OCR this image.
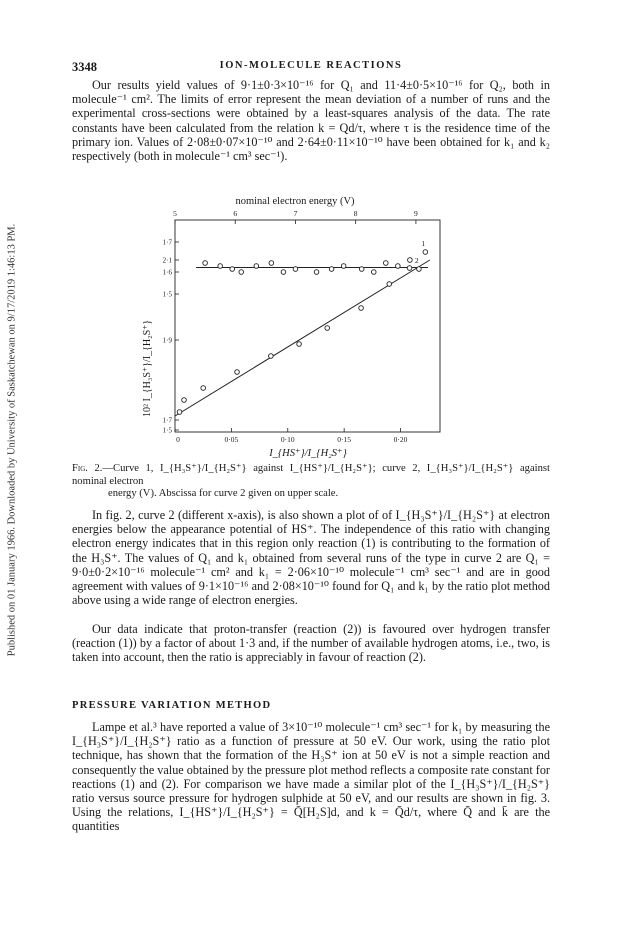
Published on 01 January 1966. Downloaded by University of Saskatchewan on 9/17/2019 1:46:13 PM.
3348	ION-MOLECULE REACTIONS

Our results yield values of 9·1±0·3×10⁻¹⁶ for Q₁ and 11·4±0·5×10⁻¹⁶ for Q₂, both in molecule⁻¹ cm². The limits of error represent the mean deviation of a number of runs and the experimental cross-sections were obtained by a least-squares analysis of the data. The rate constants have been calculated from the relation k = Qd/τ, where τ is the residence time of the primary ion. Values of 2·08±0·07×10⁻¹⁰ and 2·64±0·11×10⁻¹⁰ have been obtained for k₁ and k₂ respectively (both in molecule⁻¹ cm³ sec⁻¹).

nominal electron energy (V)
5	6	7	8	9
0	0·05	0·10	0·15	0·20
1·5
1·7
1·9
2·1
1·5
1·6
1·7	1
2
10² I_{H₃S⁺}/I_{H₂S⁺}
I_{HS⁺}/I_{H₂S⁺}

Fig. 2.—Curve 1, I_{H₃S⁺}/I_{H₂S⁺} against I_{HS⁺}/I_{H₂S⁺}; curve 2, I_{H₃S⁺}/I_{H₂S⁺} against nominal electron
energy (V). Abscissa for curve 2 given on upper scale.

In fig. 2, curve 2 (different x-axis), is also shown a plot of of I_{H₃S⁺}/I_{H₂S⁺} at electron energies below the appearance potential of HS⁺. The independence of this ratio with changing electron energy indicates that in this region only reaction (1) is contributing to the formation of the H₃S⁺. The values of Q₁ and k₁ obtained from several runs of the type in curve 2 are Q₁ = 9·0±0·2×10⁻¹⁶ molecule⁻¹ cm² and k₁ = 2·06×10⁻¹⁰ molecule⁻¹ cm³ sec⁻¹ and are in good agreement with values of 9·1×10⁻¹⁶ and 2·08×10⁻¹⁰ found for Q₁ and k₁ by the ratio plot method above using a wide range of electron energies.

Our data indicate that proton-transfer (reaction (2)) is favoured over hydrogen transfer (reaction (1)) by a factor of about 1·3 and, if the number of available hydrogen atoms, i.e., two, is taken into account, then the ratio is appreciably in favour of reaction (2).

PRESSURE VARIATION METHOD

Lampe et al.³ have reported a value of 3×10⁻¹⁰ molecule⁻¹ cm³ sec⁻¹ for k₁ by measuring the I_{H₃S⁺}/I_{H₂S⁺} ratio as a function of pressure at 50 eV. Our work, using the ratio plot technique, has shown that the formation of the H₃S⁺ ion at 50 eV is not a simple reaction and consequently the value obtained by the pressure plot method reflects a composite rate constant for reactions (1) and (2). For comparison we have made a similar plot of the I_{H₃S⁺}/I_{H₂S⁺} ratio versus source pressure for hydrogen sulphide at 50 eV, and our results are shown in fig. 3. Using the relations, I_{HS⁺}/I_{H₂S⁺} = Q̄[H₂S]d, and k = Q̄d/τ, where Q̄ and k̄ are the quantities
